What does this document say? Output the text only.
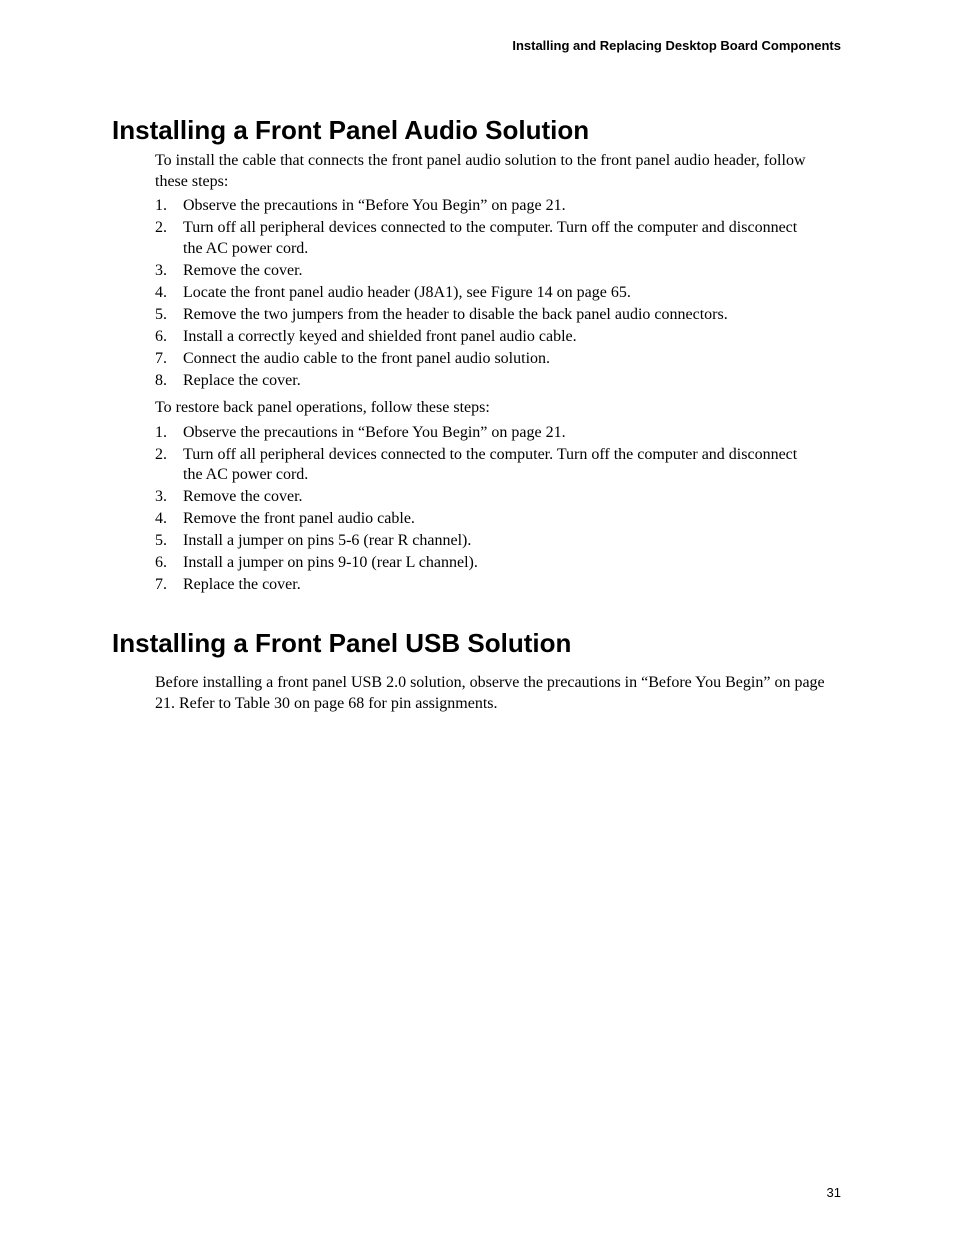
Installing and Replacing Desktop Board Components
Installing a Front Panel Audio Solution

To install the cable that connects the front panel audio solution to the front panel audio header, follow these steps:

1. Observe the precautions in “Before You Begin” on page 21.
2. Turn off all peripheral devices connected to the computer. Turn off the computer and disconnect the AC power cord.
3. Remove the cover.
4. Locate the front panel audio header (J8A1), see Figure 14 on page 65.
5. Remove the two jumpers from the header to disable the back panel audio connectors.
6. Install a correctly keyed and shielded front panel audio cable.
7. Connect the audio cable to the front panel audio solution.
8. Replace the cover.

To restore back panel operations, follow these steps:

1. Observe the precautions in “Before You Begin” on page 21.
2. Turn off all peripheral devices connected to the computer. Turn off the computer and disconnect the AC power cord.
3. Remove the cover.
4. Remove the front panel audio cable.
5. Install a jumper on pins 5-6 (rear R channel).
6. Install a jumper on pins 9-10 (rear L channel).
7. Replace the cover.
Installing a Front Panel USB Solution

Before installing a front panel USB 2.0 solution, observe the precautions in “Before You Begin” on page 21. Refer to Table 30 on page 68 for pin assignments.

31
